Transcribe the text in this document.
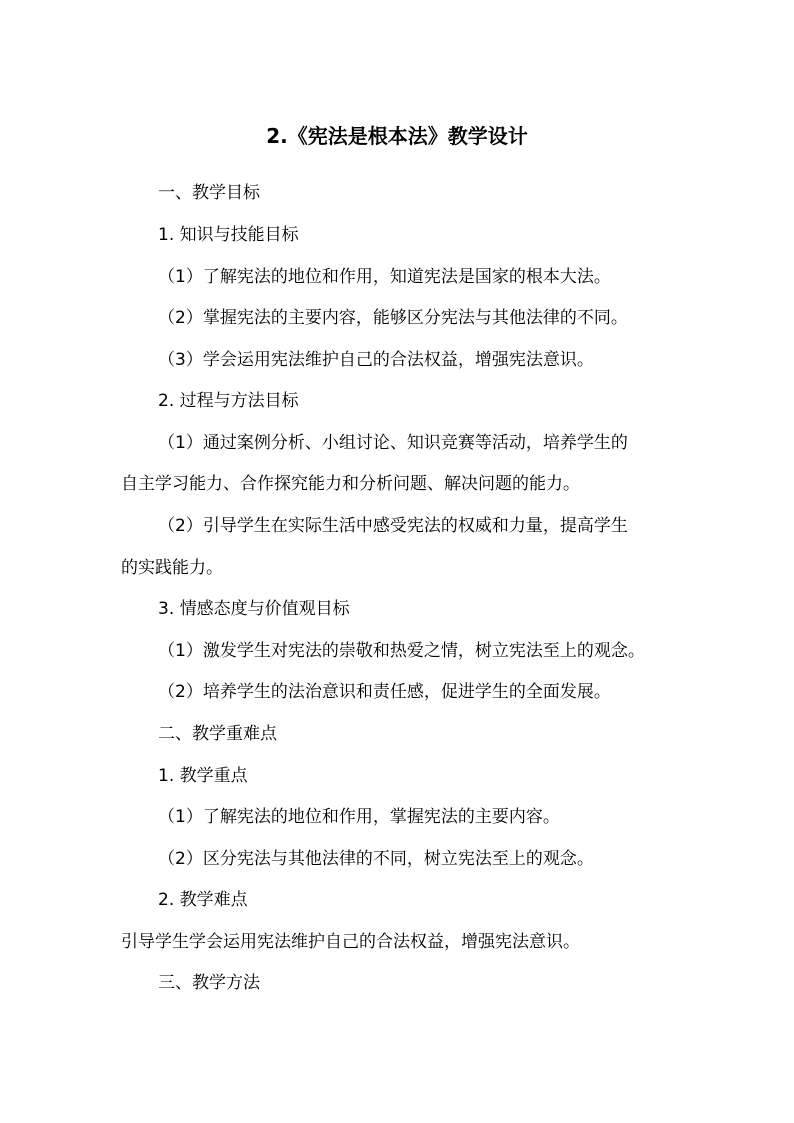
2.《宪法是根本法》教学设计
一、教学目标
1. 知识与技能目标
（1）了解宪法的地位和作用，知道宪法是国家的根本大法。
（2）掌握宪法的主要内容，能够区分宪法与其他法律的不同。
（3）学会运用宪法维护自己的合法权益，增强宪法意识。
2. 过程与方法目标
（1）通过案例分析、小组讨论、知识竞赛等活动，培养学生的
自主学习能力、合作探究能力和分析问题、解决问题的能力。
（2）引导学生在实际生活中感受宪法的权威和力量，提高学生
的实践能力。
3. 情感态度与价值观目标
（1）激发学生对宪法的崇敬和热爱之情，树立宪法至上的观念。
（2）培养学生的法治意识和责任感，促进学生的全面发展。
二、教学重难点
1. 教学重点
（1）了解宪法的地位和作用，掌握宪法的主要内容。
（2）区分宪法与其他法律的不同，树立宪法至上的观念。
2. 教学难点
引导学生学会运用宪法维护自己的合法权益，增强宪法意识。
三、教学方法
